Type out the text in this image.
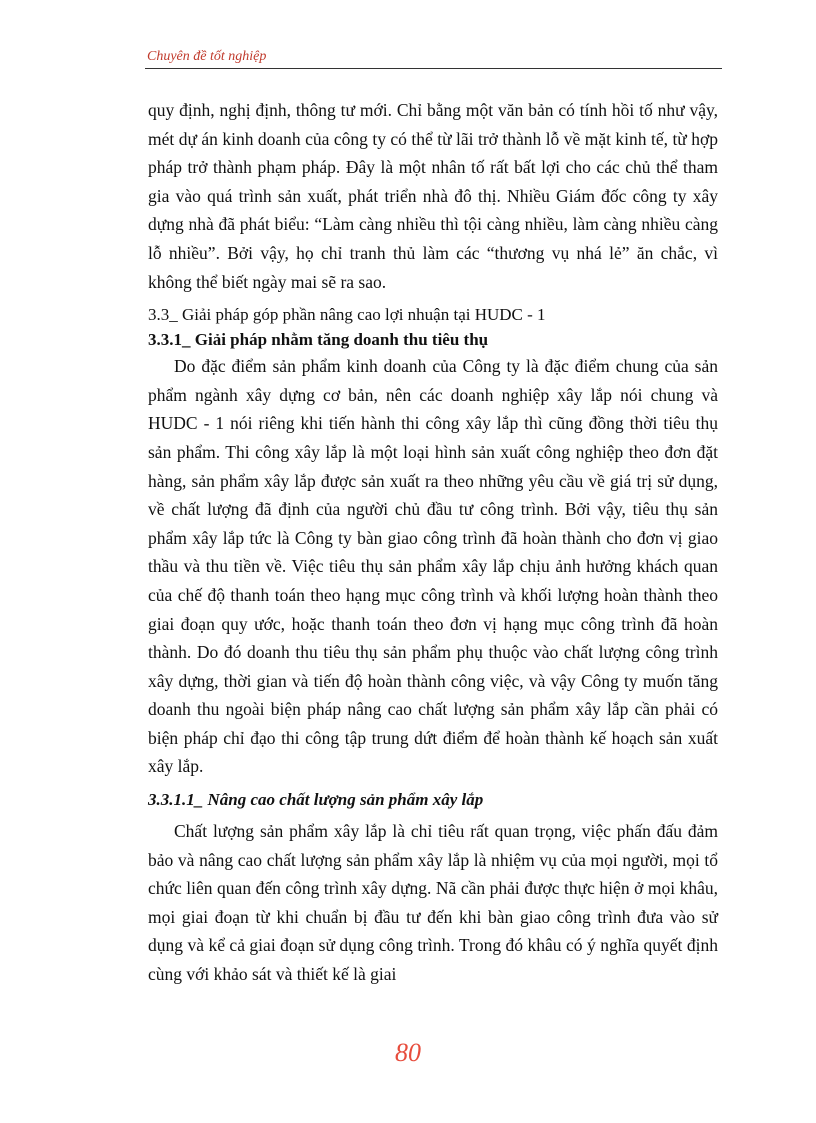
Chuyên đề tốt nghiệp

quy định, nghị định, thông tư mới. Chỉ bằng một văn bản có tính hồi tố như vậy, mét dự án kinh doanh của công ty có thể từ lãi trở thành lỗ về mặt kinh tế, từ hợp pháp trở thành phạm pháp. Đây là một nhân tố rất bất lợi cho các chủ thể tham gia vào quá trình sản xuất, phát triển nhà đô thị. Nhiều Giám đốc công ty xây dựng nhà đã phát biểu: “Làm càng nhiều thì tội càng nhiều, làm càng nhiều càng lỗ nhiều”. Bởi vậy, họ chỉ tranh thủ làm các “thương vụ nhá lẻ” ăn chắc, vì không thể biết ngày mai sẽ ra sao.

3.3_ Giải pháp góp phần nâng cao lợi nhuận tại HUDC - 1

3.3.1_ Giải pháp nhằm tăng doanh thu tiêu thụ

Do đặc điểm sản phẩm kinh doanh của Công ty là đặc điểm chung của sản phẩm ngành xây dựng cơ bản, nên các doanh nghiệp xây lắp nói chung và HUDC - 1 nói riêng khi tiến hành thi công xây lắp thì cũng đồng thời tiêu thụ sản phẩm. Thi công xây lắp là một loại hình sản xuất công nghiệp theo đơn đặt hàng, sản phẩm xây lắp được sản xuất ra theo những yêu cầu về giá trị sử dụng, về chất lượng đã định của người chủ đầu tư công trình. Bởi vậy, tiêu thụ sản phẩm xây lắp tức là Công ty bàn giao công trình đã hoàn thành cho đơn vị giao thầu và thu tiền về. Việc tiêu thụ sản phẩm xây lắp chịu ảnh hưởng khách quan của chế độ thanh toán theo hạng mục công trình và khối lượng hoàn thành theo giai đoạn quy ước, hoặc thanh toán theo đơn vị hạng mục công trình đã hoàn thành. Do đó doanh thu tiêu thụ sản phẩm phụ thuộc vào chất lượng công trình xây dựng, thời gian và tiến độ hoàn thành công việc, và vậy Công ty muốn tăng doanh thu ngoài biện pháp nâng cao chất lượng sản phẩm xây lắp cần phải có biện pháp chỉ đạo thi công tập trung dứt điểm để hoàn thành kế hoạch sản xuất xây lắp.

3.3.1.1_ Nâng cao chất lượng sản phẩm xây lắp

Chất lượng sản phẩm xây lắp là chỉ tiêu rất quan trọng, việc phấn đấu đảm bảo và nâng cao chất lượng sản phẩm xây lắp là nhiệm vụ của mọi người, mọi tổ chức liên quan đến công trình xây dựng. Nã cần phải được thực hiện ở mọi khâu, mọi giai đoạn từ khi chuẩn bị đầu tư đến khi bàn giao công trình đưa vào sử dụng và kể cả giai đoạn sử dụng công trình. Trong đó khâu có ý nghĩa quyết định cùng với khảo sát và thiết kế là giai

80
